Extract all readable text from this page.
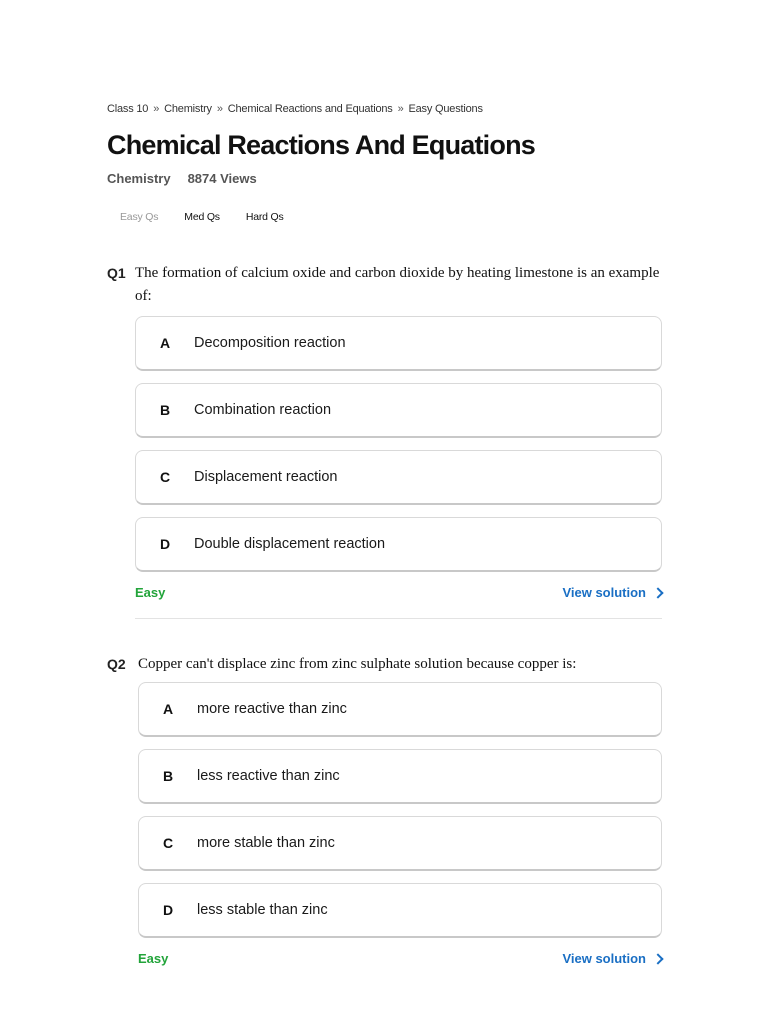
Class 10 » Chemistry » Chemical Reactions and Equations » Easy Questions
Chemical Reactions And Equations
Chemistry 8874 Views
Easy Qs	Med Qs	Hard Qs
Q1 The formation of calcium oxide and carbon dioxide by heating limestone is an example of:
A	Decomposition reaction
B	Combination reaction
C	Displacement reaction
D	Double displacement reaction
Easy	View solution
Q2 Copper can't displace zinc from zinc sulphate solution because copper is:
A	more reactive than zinc
B	less reactive than zinc
C	more stable than zinc
D	less stable than zinc
Easy	View solution
